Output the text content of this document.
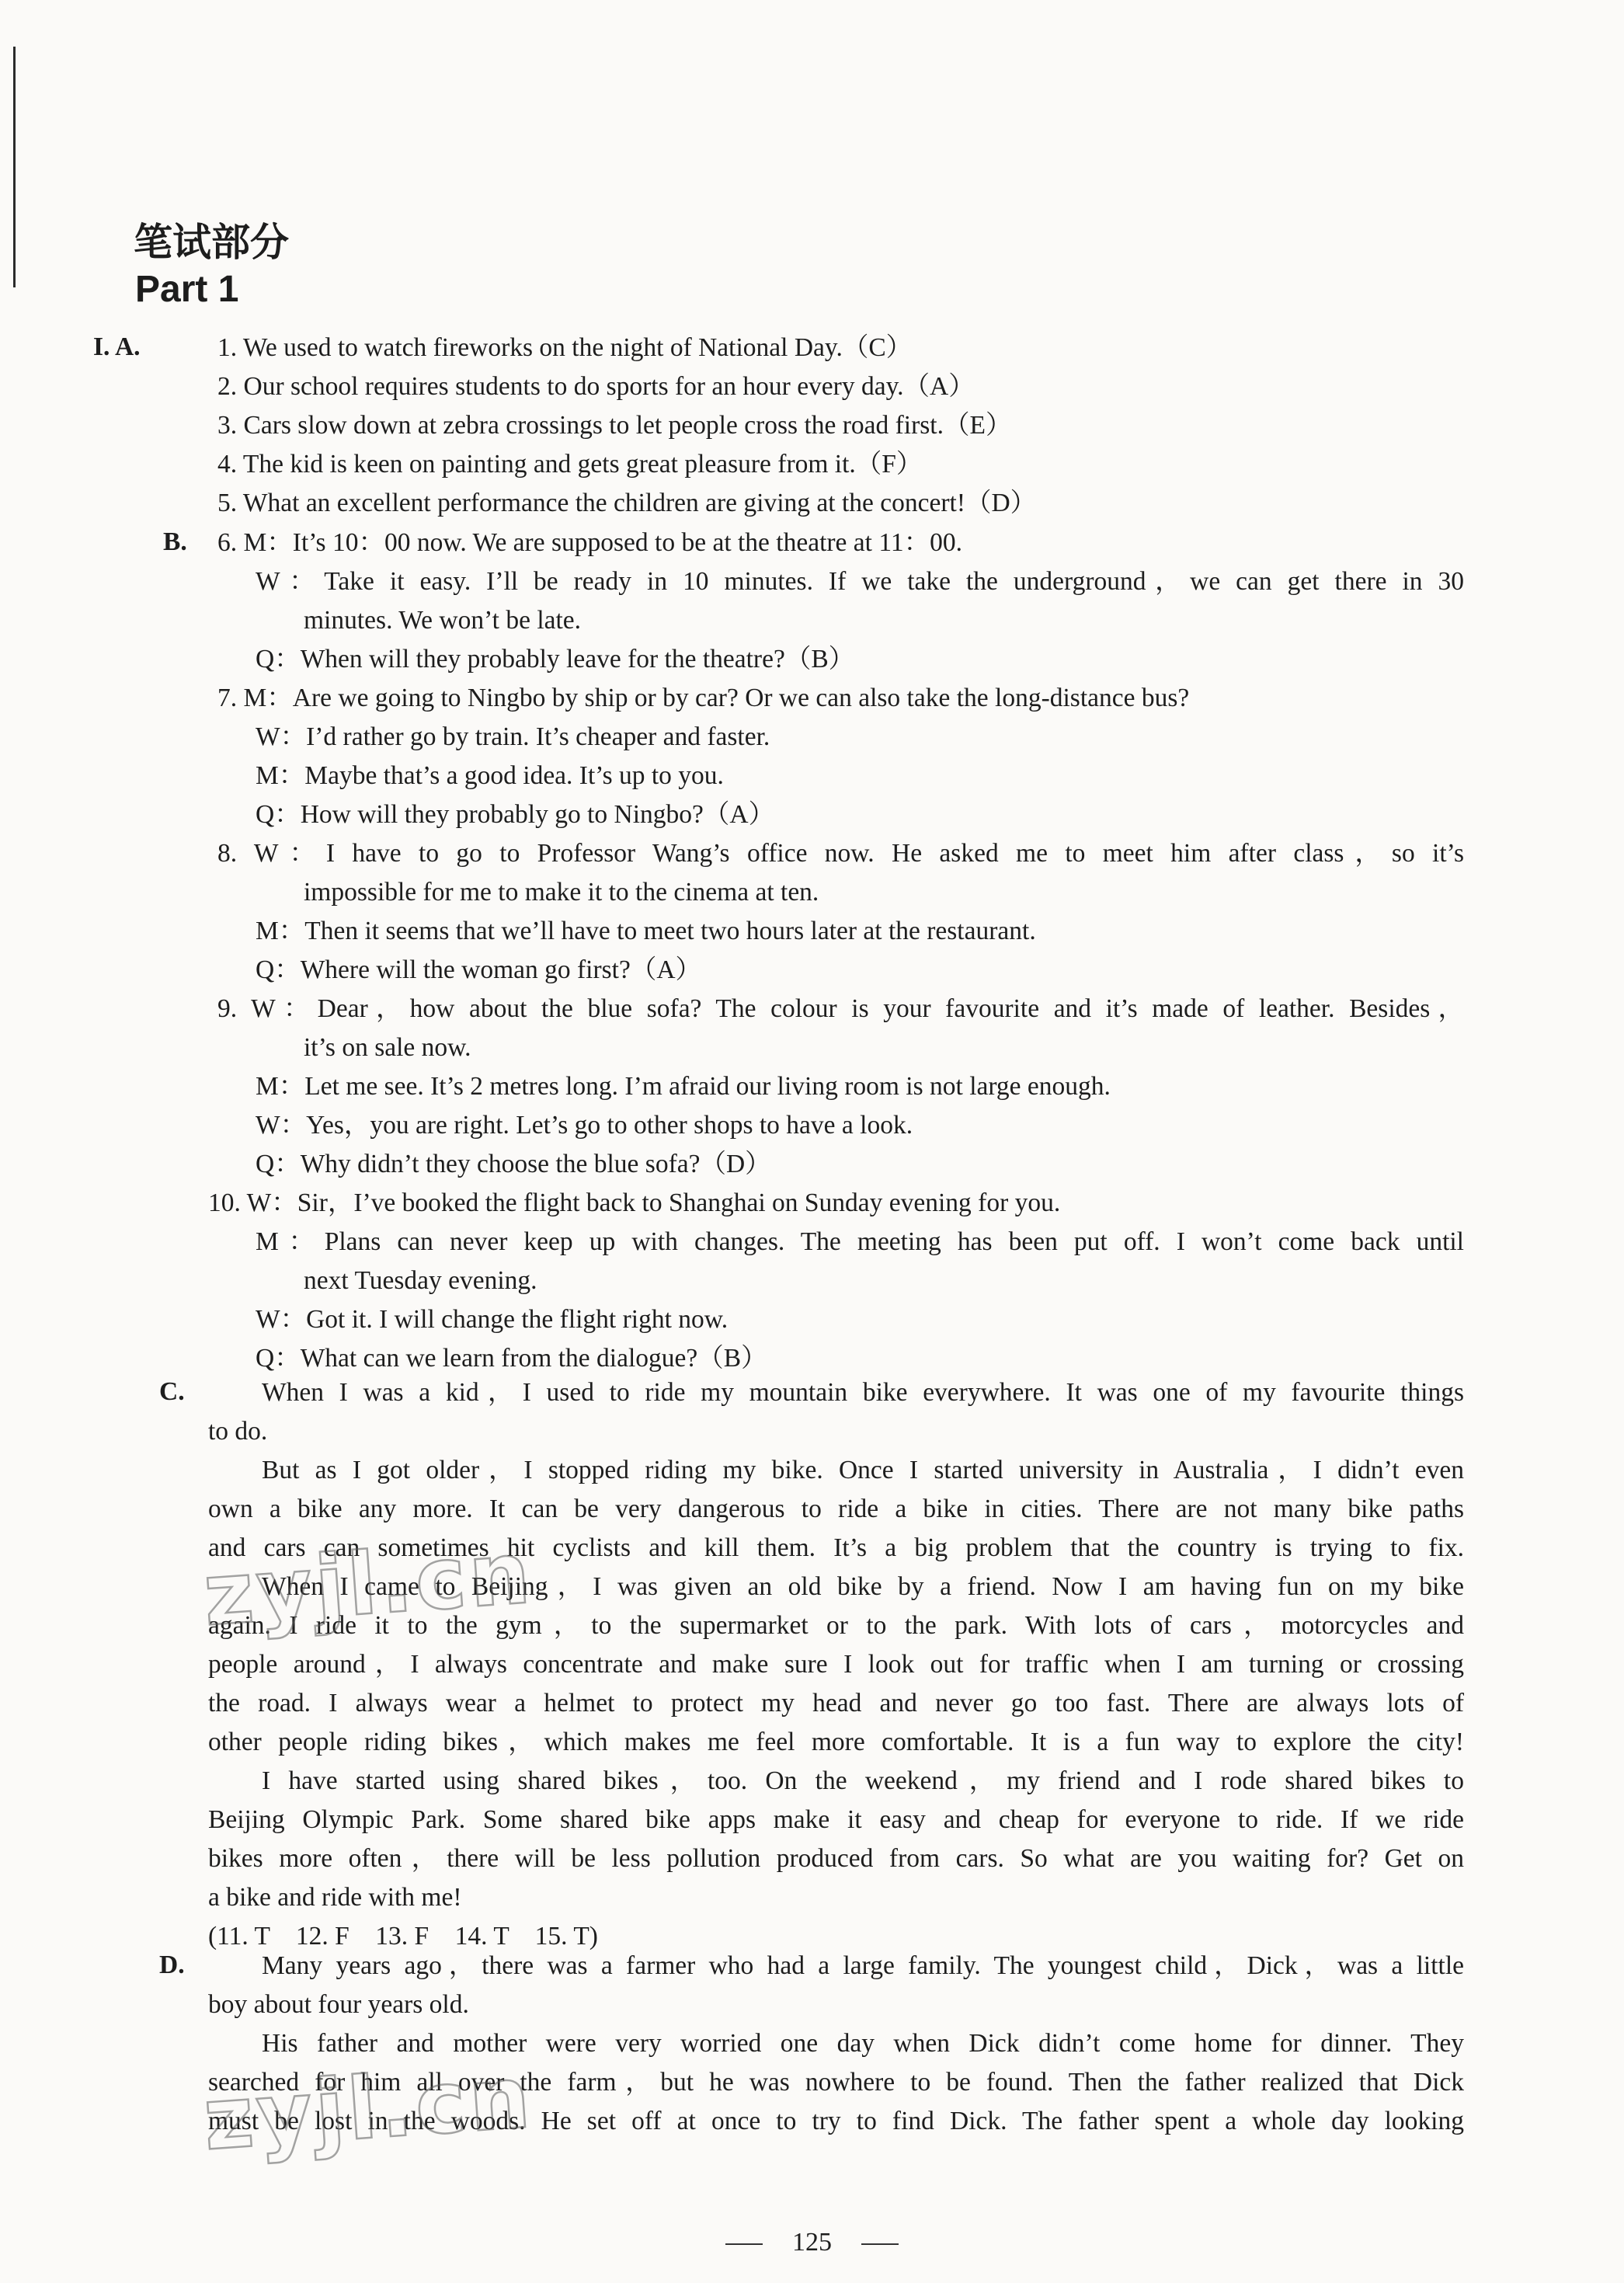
笔试部分
Part 1
I. A.
B.
C.
D.
1. We used to watch fireworks on the night of National Day.（C）
2. Our school requires students to do sports for an hour every day.（A）
3. Cars slow down at zebra crossings to let people cross the road first.（E）
4. The kid is keen on painting and gets great pleasure from it.（F）
5. What an excellent performance the children are giving at the concert!（D）
6. M：It’s 10：00 now. We are supposed to be at the theatre at 11：00.
W：Take it easy. I’ll be ready in 10 minutes. If we take the underground，we can get there in 30
minutes. We won’t be late.
Q：When will they probably leave for the theatre?（B）
7. M：Are we going to Ningbo by ship or by car? Or we can also take the long-distance bus?
W：I’d rather go by train. It’s cheaper and faster.
M：Maybe that’s a good idea. It’s up to you.
Q：How will they probably go to Ningbo?（A）
8. W：I have to go to Professor Wang’s office now. He asked me to meet him after class，so it’s
impossible for me to make it to the cinema at ten.
M：Then it seems that we’ll have to meet two hours later at the restaurant.
Q：Where will the woman go first?（A）
9. W：Dear，how about the blue sofa? The colour is your favourite and it’s made of leather. Besides，
it’s on sale now.
M：Let me see. It’s 2 metres long. I’m afraid our living room is not large enough.
W：Yes，you are right. Let’s go to other shops to have a look.
Q：Why didn’t they choose the blue sofa?（D）
10. W：Sir，I’ve booked the flight back to Shanghai on Sunday evening for you.
M：Plans can never keep up with changes. The meeting has been put off. I won’t come back until
next Tuesday evening.
W：Got it. I will change the flight right now.
Q：What can we learn from the dialogue?（B）
When I was a kid，I used to ride my mountain bike everywhere. It was one of my favourite things
to do.
But as I got older，I stopped riding my bike. Once I started university in Australia，I didn’t even
own a bike any more. It can be very dangerous to ride a bike in cities. There are not many bike paths
and cars can sometimes hit cyclists and kill them. It’s a big problem that the country is trying to fix.
When I came to Beijing，I was given an old bike by a friend. Now I am having fun on my bike
again. I ride it to the gym，to the supermarket or to the park. With lots of cars，motorcycles and
people around，I always concentrate and make sure I look out for traffic when I am turning or crossing
the road. I always wear a helmet to protect my head and never go too fast. There are always lots of
other people riding bikes，which makes me feel more comfortable. It is a fun way to explore the city!
I have started using shared bikes，too. On the weekend，my friend and I rode shared bikes to
Beijing Olympic Park. Some shared bike apps make it easy and cheap for everyone to ride. If we ride
bikes more often，there will be less pollution produced from cars. So what are you waiting for? Get on
a bike and ride with me!
(11. T　12. F　13. F　14. T　15. T)
Many years ago，there was a farmer who had a large family. The youngest child，Dick，was a little
boy about four years old.
His father and mother were very worried one day when Dick didn’t come home for dinner. They
searched for him all over the farm，but he was nowhere to be found. Then the father realized that Dick
must be lost in the woods. He set off at once to try to find Dick. The father spent a whole day looking
zyjl.cn
zyjl.cn
125
